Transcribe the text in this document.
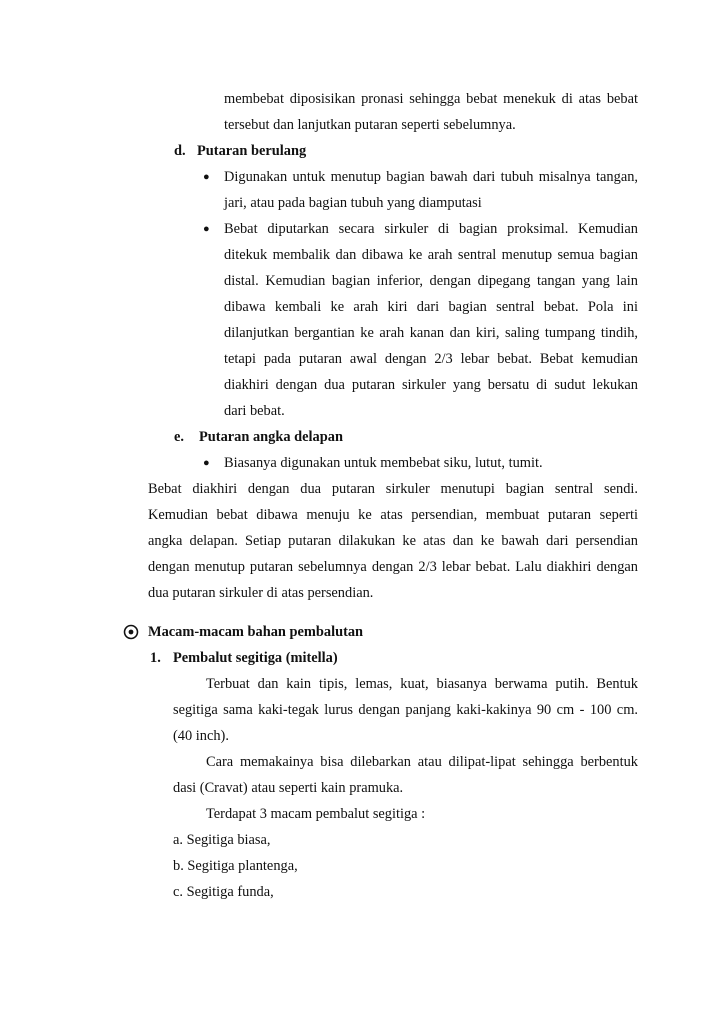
membebat diposisikan pronasi sehingga bebat menekuk di atas bebat
tersebut dan lanjutkan putaran seperti sebelumnya.
d. Putaran berulang
● Digunakan untuk menutup bagian bawah dari tubuh misalnya tangan,
jari, atau pada bagian tubuh yang diamputasi
● Bebat diputarkan secara sirkuler di bagian proksimal. Kemudian
ditekuk membalik dan dibawa ke arah sentral menutup semua bagian
distal. Kemudian bagian inferior, dengan dipegang tangan yang lain
dibawa kembali ke arah kiri dari bagian sentral bebat. Pola ini
dilanjutkan bergantian ke arah kanan dan kiri, saling tumpang tindih,
tetapi pada putaran awal dengan 2/3 lebar bebat. Bebat kemudian
diakhiri dengan dua putaran sirkuler yang bersatu di sudut lekukan
dari bebat.
e. Putaran angka delapan
● Biasanya digunakan untuk membebat siku, lutut, tumit.
Bebat diakhiri dengan dua putaran sirkuler menutupi bagian sentral sendi.
Kemudian bebat dibawa menuju ke atas persendian, membuat putaran seperti
angka delapan. Setiap putaran dilakukan ke atas dan ke bawah dari persendian
dengan menutup putaran sebelumnya dengan 2/3 lebar bebat. Lalu diakhiri dengan
dua putaran sirkuler di atas persendian.
Macam-macam bahan pembalutan
1. Pembalut segitiga (mitella)
Terbuat dan kain tipis, lemas, kuat, biasanya berwama putih. Bentuk
segitiga sama kaki-tegak lurus dengan panjang kaki-kakinya 90 cm - 100 cm.
(40 inch).
Cara memakainya bisa dilebarkan atau dilipat-lipat sehingga berbentuk
dasi (Cravat) atau seperti kain pramuka.
Terdapat 3 macam pembalut segitiga :
a. Segitiga biasa,
b. Segitiga plantenga,
c. Segitiga funda,
